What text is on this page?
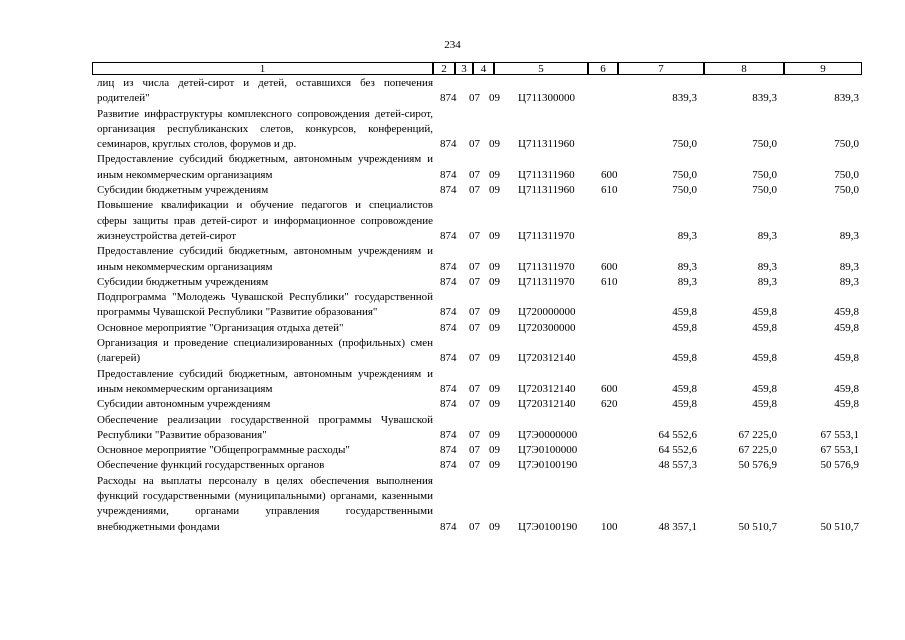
234
1	2	3	4	5	6	7	8	9
лиц из числа детей-сирот и детей, оставшихся без попечения родителей"	874 07 09 Ц711300000	839,3	839,3	839,3
Развитие инфраструктуры комплексного сопровождения детей-сирот, организация республиканских слетов, конкурсов, конференций, семинаров, круглых столов, форумов и др.	874 07 09 Ц711311960	750,0	750,0	750,0
Предоставление субсидий бюджетным, автономным учреждениям и иным некоммерческим организациям	874 07 09 Ц711311960 600	750,0	750,0	750,0
Субсидии бюджетным учреждениям	874 07 09 Ц711311960 610	750,0	750,0	750,0
Повышение квалификации и обучение педагогов и специалистов сферы защиты прав детей-сирот и информационное сопровождение жизнеустройства детей-сирот	874 07 09 Ц711311970	89,3	89,3	89,3
Предоставление субсидий бюджетным, автономным учреждениям и иным некоммерческим организациям	874 07 09 Ц711311970 600	89,3	89,3	89,3
Субсидии бюджетным учреждениям	874 07 09 Ц711311970 610	89,3	89,3	89,3
Подпрограмма "Молодежь Чувашской Республики" государственной программы Чувашской Республики "Развитие образования"	874 07 09 Ц720000000	459,8	459,8	459,8
Основное мероприятие "Организация отдыха детей"	874 07 09 Ц720300000	459,8	459,8	459,8
Организация и проведение специализированных (профильных) смен (лагерей)	874 07 09 Ц720312140	459,8	459,8	459,8
Предоставление субсидий бюджетным, автономным учреждениям и иным некоммерческим организациям	874 07 09 Ц720312140 600	459,8	459,8	459,8
Субсидии автономным учреждениям	874 07 09 Ц720312140 620	459,8	459,8	459,8
Обеспечение реализации государственной программы Чувашской Республики "Развитие образования"	874 07 09 Ц7Э0000000	64 552,6	67 225,0	67 553,1
Основное мероприятие "Общепрограммные расходы"	874 07 09 Ц7Э0100000	64 552,6	67 225,0	67 553,1
Обеспечение функций государственных органов	874 07 09 Ц7Э0100190	48 557,3	50 576,9	50 576,9
Расходы на выплаты персоналу в целях обеспечения выполнения функций государственными (муниципальными) органами, казенными учреждениями, органами управления государственными внебюджетными фондами	874 07 09 Ц7Э0100190 100	48 357,1	50 510,7	50 510,7
